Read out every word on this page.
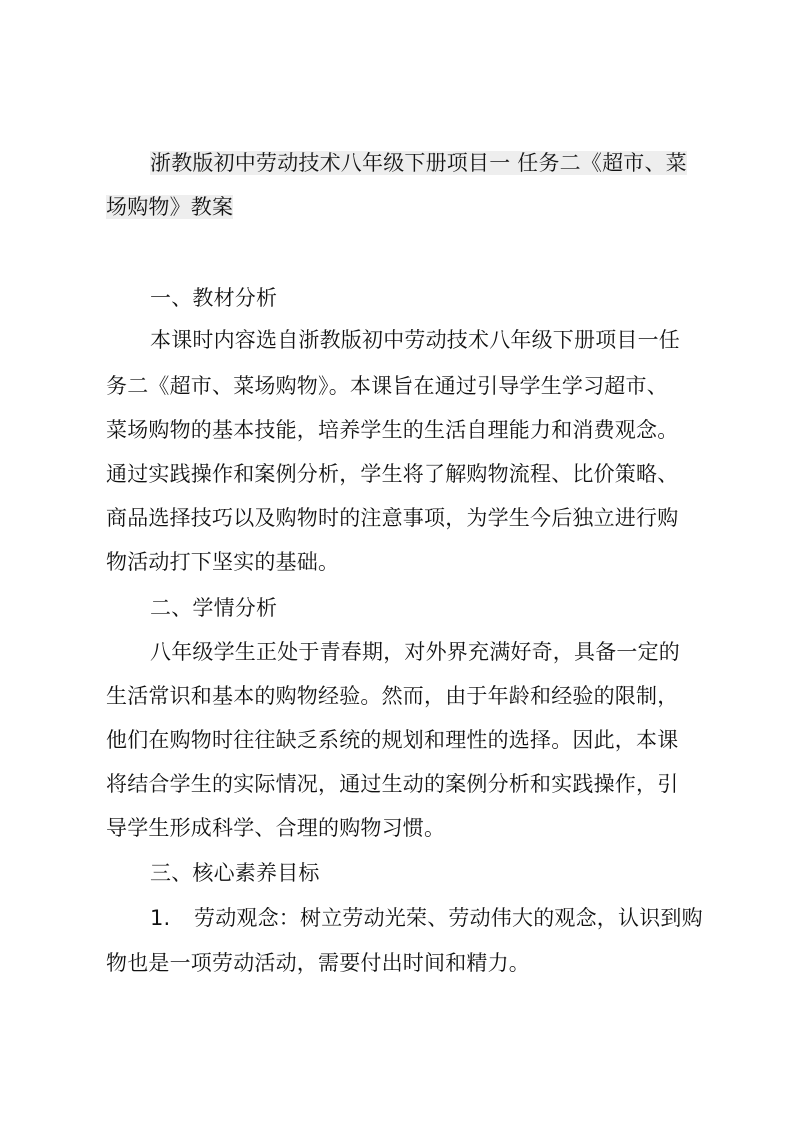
浙教版初中劳动技术八年级下册项目一 任务二《超市、菜
场购物》教案
一、教材分析
本课时内容选自浙教版初中劳动技术八年级下册项目一任
务二《超市、菜场购物》。本课旨在通过引导学生学习超市、
菜场购物的基本技能，培养学生的生活自理能力和消费观念。
通过实践操作和案例分析，学生将了解购物流程、比价策略、
商品选择技巧以及购物时的注意事项，为学生今后独立进行购
物活动打下坚实的基础。
二、学情分析
八年级学生正处于青春期，对外界充满好奇，具备一定的
生活常识和基本的购物经验。然而，由于年龄和经验的限制，
他们在购物时往往缺乏系统的规划和理性的选择。因此，本课
将结合学生的实际情况，通过生动的案例分析和实践操作，引
导学生形成科学、合理的购物习惯。
三、核心素养目标
1. 劳动观念：树立劳动光荣、劳动伟大的观念，认识到购
物也是一项劳动活动，需要付出时间和精力。
